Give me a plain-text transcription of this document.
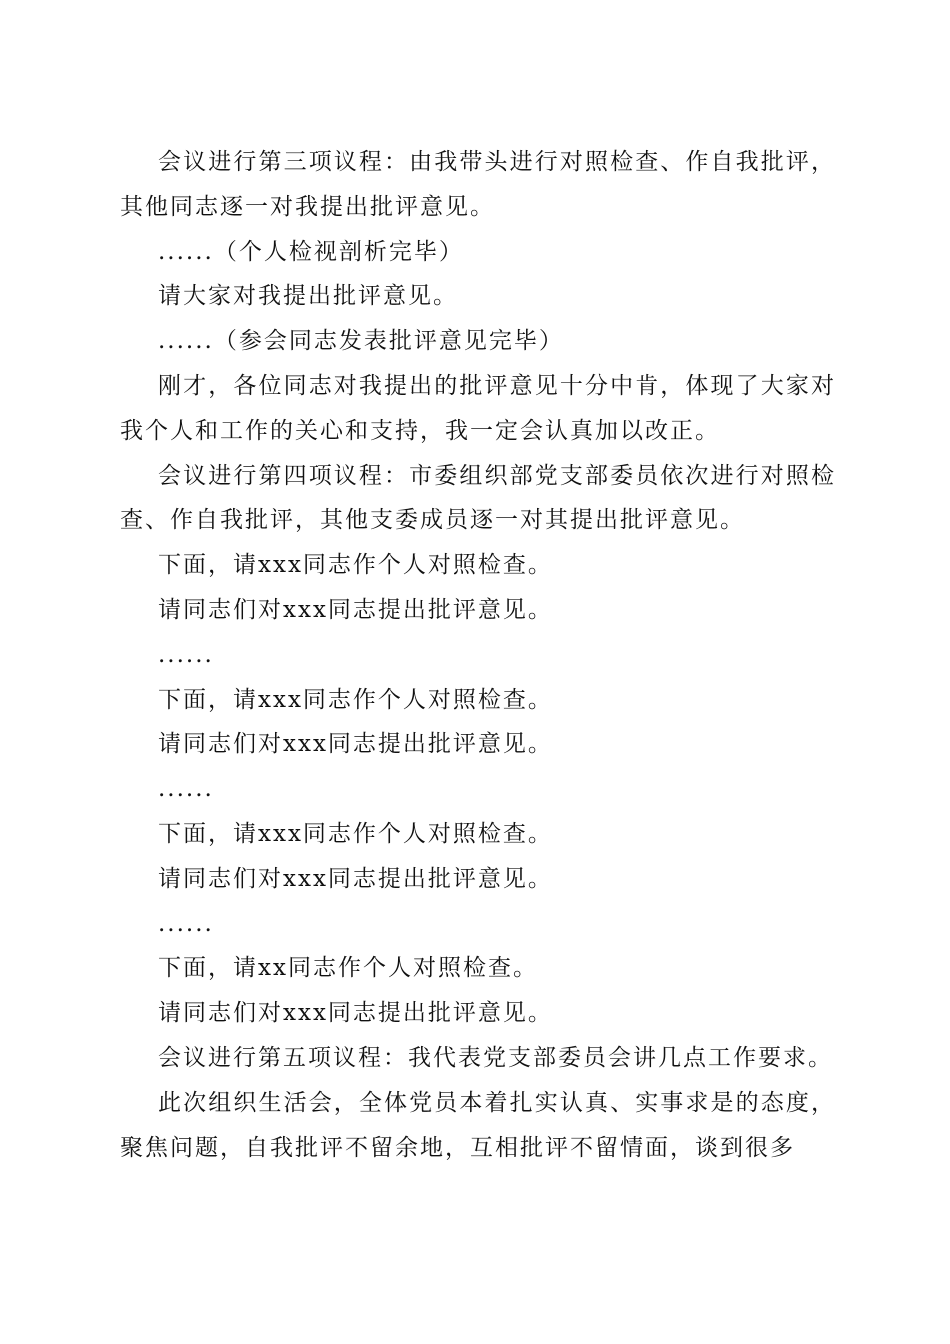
会议进行第三项议程：由我带头进行对照检查、作自我批评，其他同志逐一对我提出批评意见。

......（个人检视剖析完毕）

请大家对我提出批评意见。

......（参会同志发表批评意见完毕）

刚才，各位同志对我提出的批评意见十分中肯，体现了大家对我个人和工作的关心和支持，我一定会认真加以改正。

会议进行第四项议程：市委组织部党支部委员依次进行对照检查、作自我批评，其他支委成员逐一对其提出批评意见。

下面，请xxx同志作个人对照检查。

请同志们对xxx同志提出批评意见。

......

下面，请xxx同志作个人对照检查。

请同志们对xxx同志提出批评意见。

......

下面，请xxx同志作个人对照检查。

请同志们对xxx同志提出批评意见。

......

下面，请xx同志作个人对照检查。

请同志们对xxx同志提出批评意见。

会议进行第五项议程：我代表党支部委员会讲几点工作要求。

此次组织生活会，全体党员本着扎实认真、实事求是的态度，聚焦问题，自我批评不留余地，互相批评不留情面，谈到很多
